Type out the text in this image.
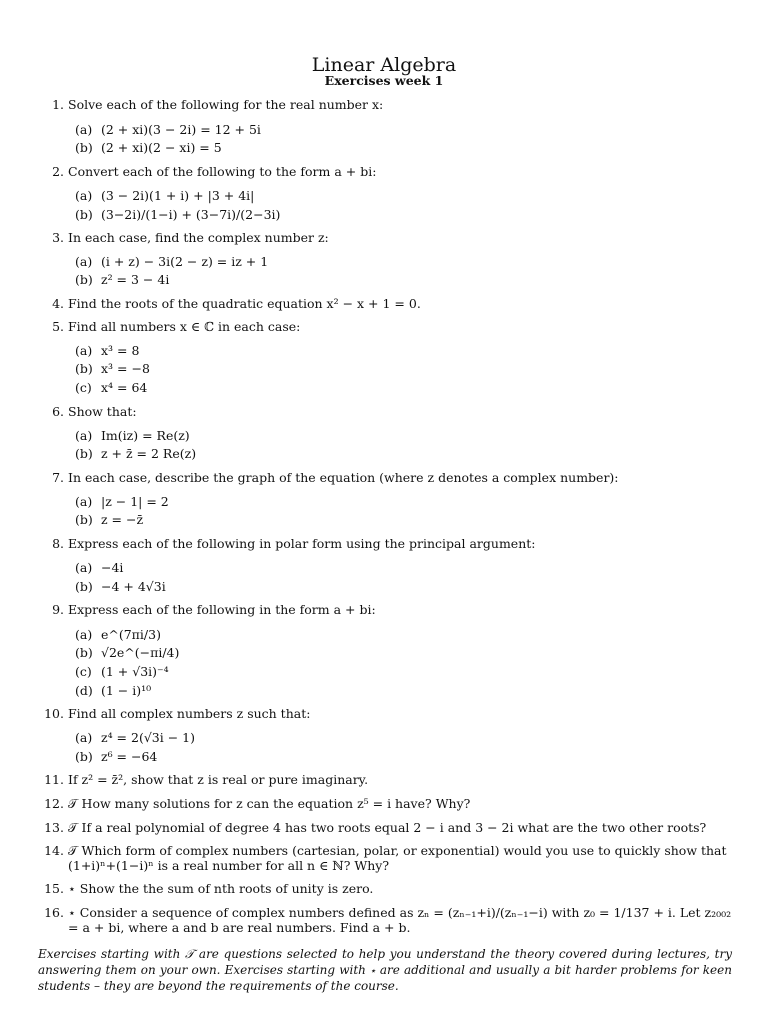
Linear Algebra
Exercises week 1
1. Solve each of the following for the real number x:
(a) (2 + xi)(3 − 2i) = 12 + 5i
(b) (2 + xi)(2 − xi) = 5
2. Convert each of the following to the form a + bi:
(a) (3 − 2i)(1 + i) + |3 + 4i|
(b) (3−2i)/(1−i) + (3−7i)/(2−3i)
3. In each case, find the complex number z:
(a) (i + z) − 3i(2 − z) = iz + 1
(b) z² = 3 − 4i
4. Find the roots of the quadratic equation x² − x + 1 = 0.
5. Find all numbers x ∈ ℂ in each case:
(a) x³ = 8
(b) x³ = −8
(c) x⁴ = 64
6. Show that:
(a) Im(iz) = Re(z)
(b) z + z̄ = 2 Re(z)
7. In each case, describe the graph of the equation (where z denotes a complex number):
(a) |z − 1| = 2
(b) z = −z̄
8. Express each of the following in polar form using the principal argument:
(a) −4i
(b) −4 + 4√3i
9. Express each of the following in the form a + bi:
(a) e^(7πi/3)
(b) √2e^(−πi/4)
(c) (1 + √3i)⁻⁴
(d) (1 − i)¹⁰
10. Find all complex numbers z such that:
(a) z⁴ = 2(√3i − 1)
(b) z⁶ = −64
11. If z² = z̄², show that z is real or pure imaginary.
12. 𝒯 How many solutions for z can the equation z⁵ = i have? Why?
13. 𝒯 If a real polynomial of degree 4 has two roots equal 2 − i and 3 − 2i what are the two other roots?
14. 𝒯 Which form of complex numbers (cartesian, polar, or exponential) would you use to quickly show that (1+i)ⁿ+(1−i)ⁿ is a real number for all n ∈ ℕ? Why?
15. ⋆ Show the the sum of nth roots of unity is zero.
16. ⋆ Consider a sequence of complex numbers defined as zₙ = (zₙ₋₁+i)/(zₙ₋₁−i) with z₀ = 1/137 + i. Let z₂₀₀₂ = a + bi, where a and b are real numbers. Find a + b.
Exercises starting with 𝒯 are questions selected to help you understand the theory covered during lectures, try answering them on your own. Exercises starting with ⋆ are additional and usually a bit harder problems for keen students – they are beyond the requirements of the course.
